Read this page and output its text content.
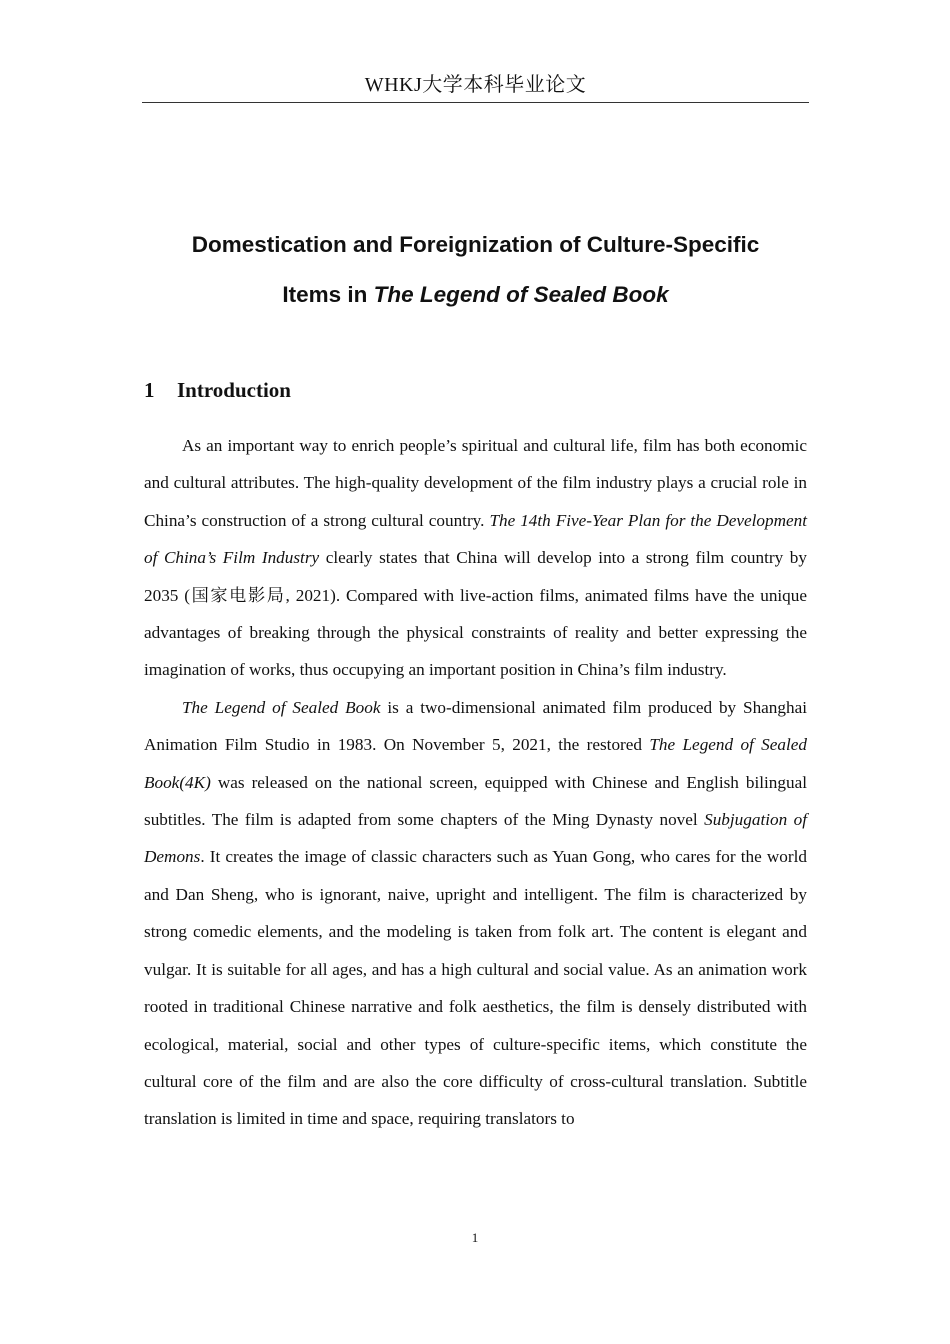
WHKJ大学本科毕业论文
Domestication and Foreignization of Culture-Specific
Items in The Legend of Sealed Book
1 Introduction

As an important way to enrich people’s spiritual and cultural life, film has both economic and cultural attributes. The high-quality development of the film industry plays a crucial role in China’s construction of a strong cultural country. The 14th Five-Year Plan for the Development of China’s Film Industry clearly states that China will develop into a strong film country by 2035 (国家电影局, 2021). Compared with live-action films, animated films have the unique advantages of breaking through the physical constraints of reality and better expressing the imagination of works, thus occupying an important position in China’s film industry.

The Legend of Sealed Book is a two-dimensional animated film produced by Shanghai Animation Film Studio in 1983. On November 5, 2021, the restored The Legend of Sealed Book(4K) was released on the national screen, equipped with Chinese and English bilingual subtitles. The film is adapted from some chapters of the Ming Dynasty novel Subjugation of Demons. It creates the image of classic characters such as Yuan Gong, who cares for the world and Dan Sheng, who is ignorant, naive, upright and intelligent. The film is characterized by strong comedic elements, and the modeling is taken from folk art. The content is elegant and vulgar. It is suitable for all ages, and has a high cultural and social value. As an animation work rooted in traditional Chinese narrative and folk aesthetics, the film is densely distributed with ecological, material, social and other types of culture-specific items, which constitute the cultural core of the film and are also the core difficulty of cross-cultural translation. Subtitle translation is limited in time and space, requiring translators to

1
